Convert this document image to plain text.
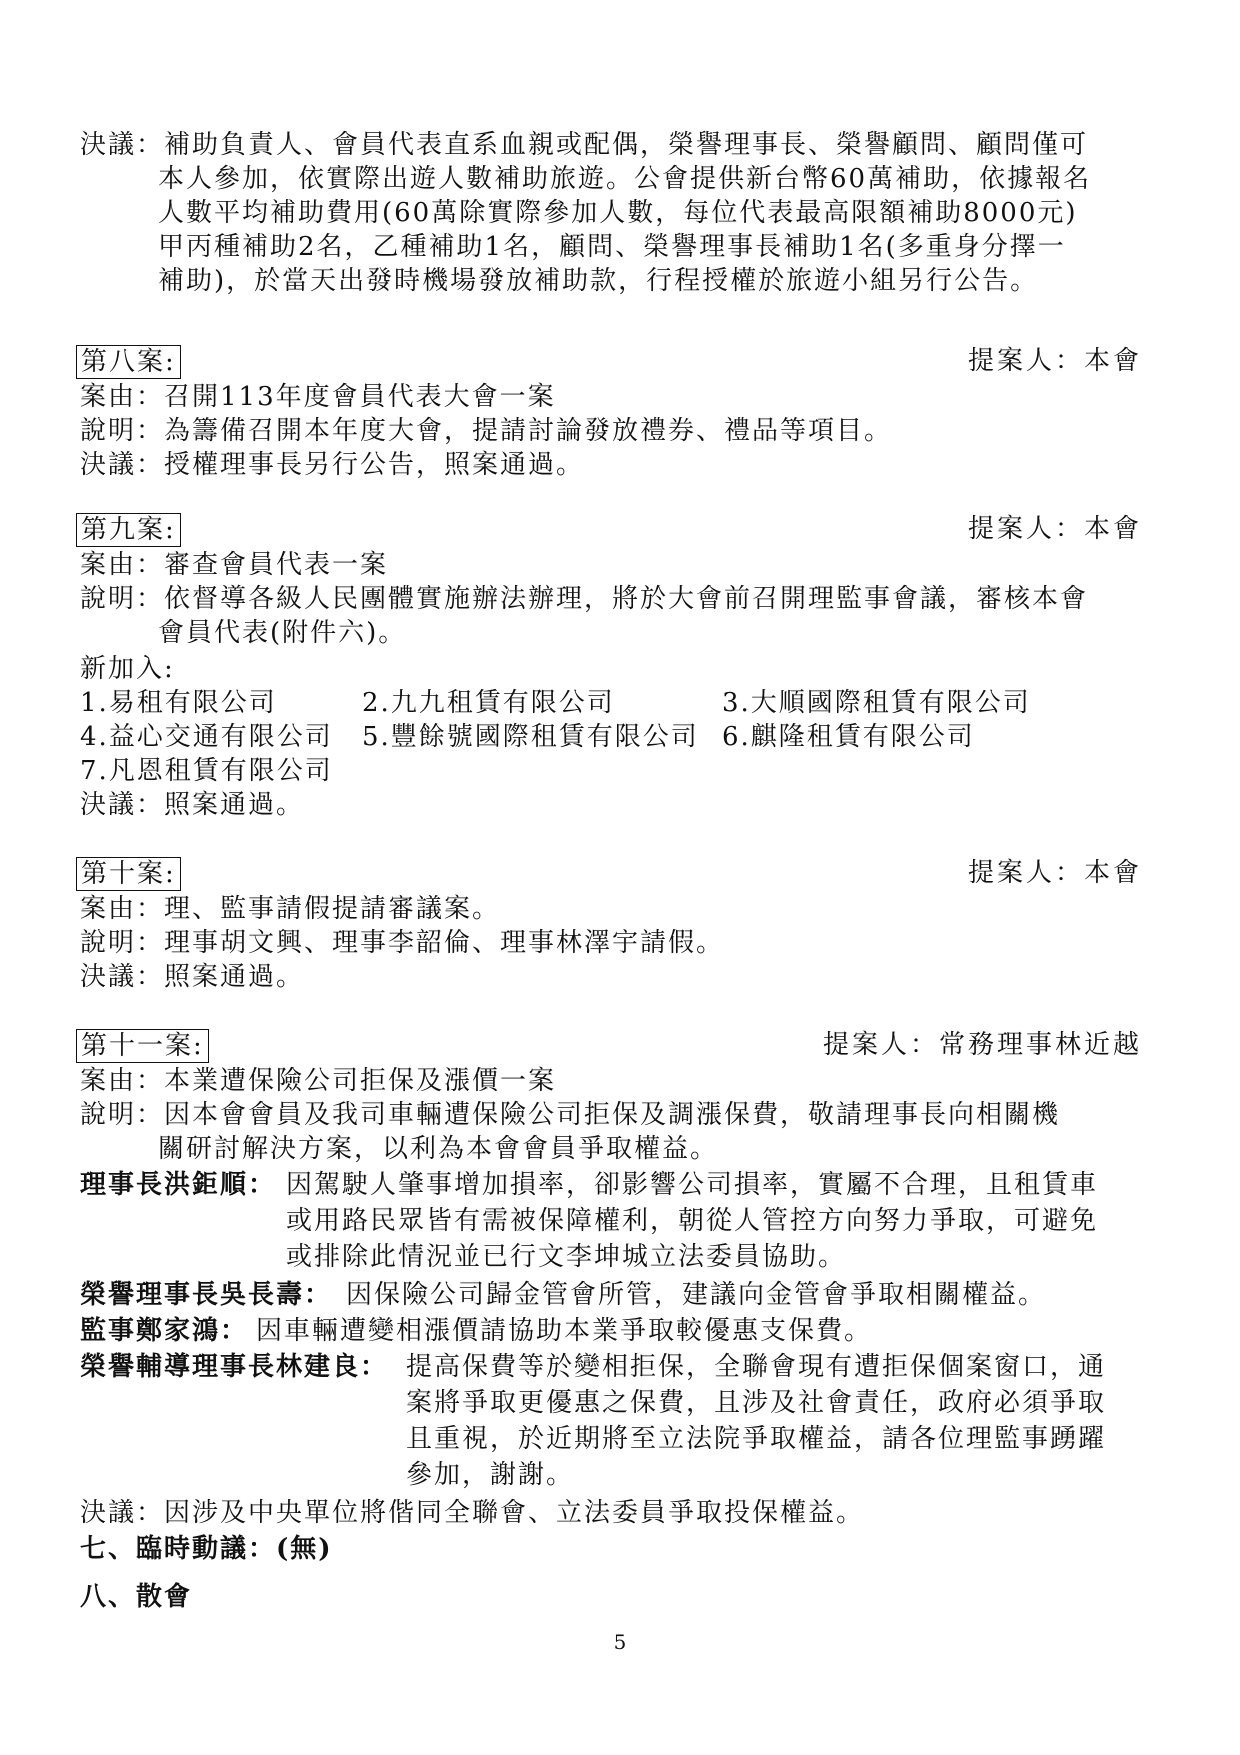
決議：補助負責人、會員代表直系血親或配偶，榮譽理事長、榮譽顧問、顧問僅可
本人參加，依實際出遊人數補助旅遊。公會提供新台幣60萬補助，依據報名
人數平均補助費用(60萬除實際參加人數，每位代表最高限額補助8000元)
甲丙種補助2名，乙種補助1名，顧問、榮譽理事長補助1名(多重身分擇一
補助)，於當天出發時機場發放補助款，行程授權於旅遊小組另行公告。
第八案:	提案人：本會
案由：召開113年度會員代表大會一案
說明：為籌備召開本年度大會，提請討論發放禮券、禮品等項目。
決議：授權理事長另行公告，照案通過。
第九案:	提案人：本會
案由：審查會員代表一案
說明：依督導各級人民團體實施辦法辦理，將於大會前召開理監事會議，審核本會
會員代表(附件六)。
新加入:
1.易租有限公司	2.九九租賃有限公司	3.大順國際租賃有限公司
4.益心交通有限公司 5.豐餘號國際租賃有限公司 6.麒隆租賃有限公司
7.凡恩租賃有限公司
決議：照案通過。
第十案:	提案人：本會
案由：理、監事請假提請審議案。
說明：理事胡文興、理事李韶倫、理事林澤宇請假。
決議：照案通過。
第十一案:	提案人：常務理事林近越
案由：本業遭保險公司拒保及漲價一案
說明：因本會會員及我司車輛遭保險公司拒保及調漲保費，敬請理事長向相關機
關研討解決方案，以利為本會會員爭取權益。
理事長洪鉅順： 因駕駛人肇事增加損率，卻影響公司損率，實屬不合理，且租賃車
或用路民眾皆有需被保障權利，朝從人管控方向努力爭取，可避免
或排除此情況並已行文李坤城立法委員協助。
榮譽理事長吳長壽： 因保險公司歸金管會所管，建議向金管會爭取相關權益。
監事鄭家鴻： 因車輛遭變相漲價請協助本業爭取較優惠支保費。
榮譽輔導理事長林建良： 提高保費等於變相拒保，全聯會現有遭拒保個案窗口，通
案將爭取更優惠之保費，且涉及社會責任，政府必須爭取
且重視，於近期將至立法院爭取權益，請各位理監事踴躍
參加，謝謝。
決議：因涉及中央單位將偕同全聯會、立法委員爭取投保權益。
七、臨時動議：(無)
八、散會
5
